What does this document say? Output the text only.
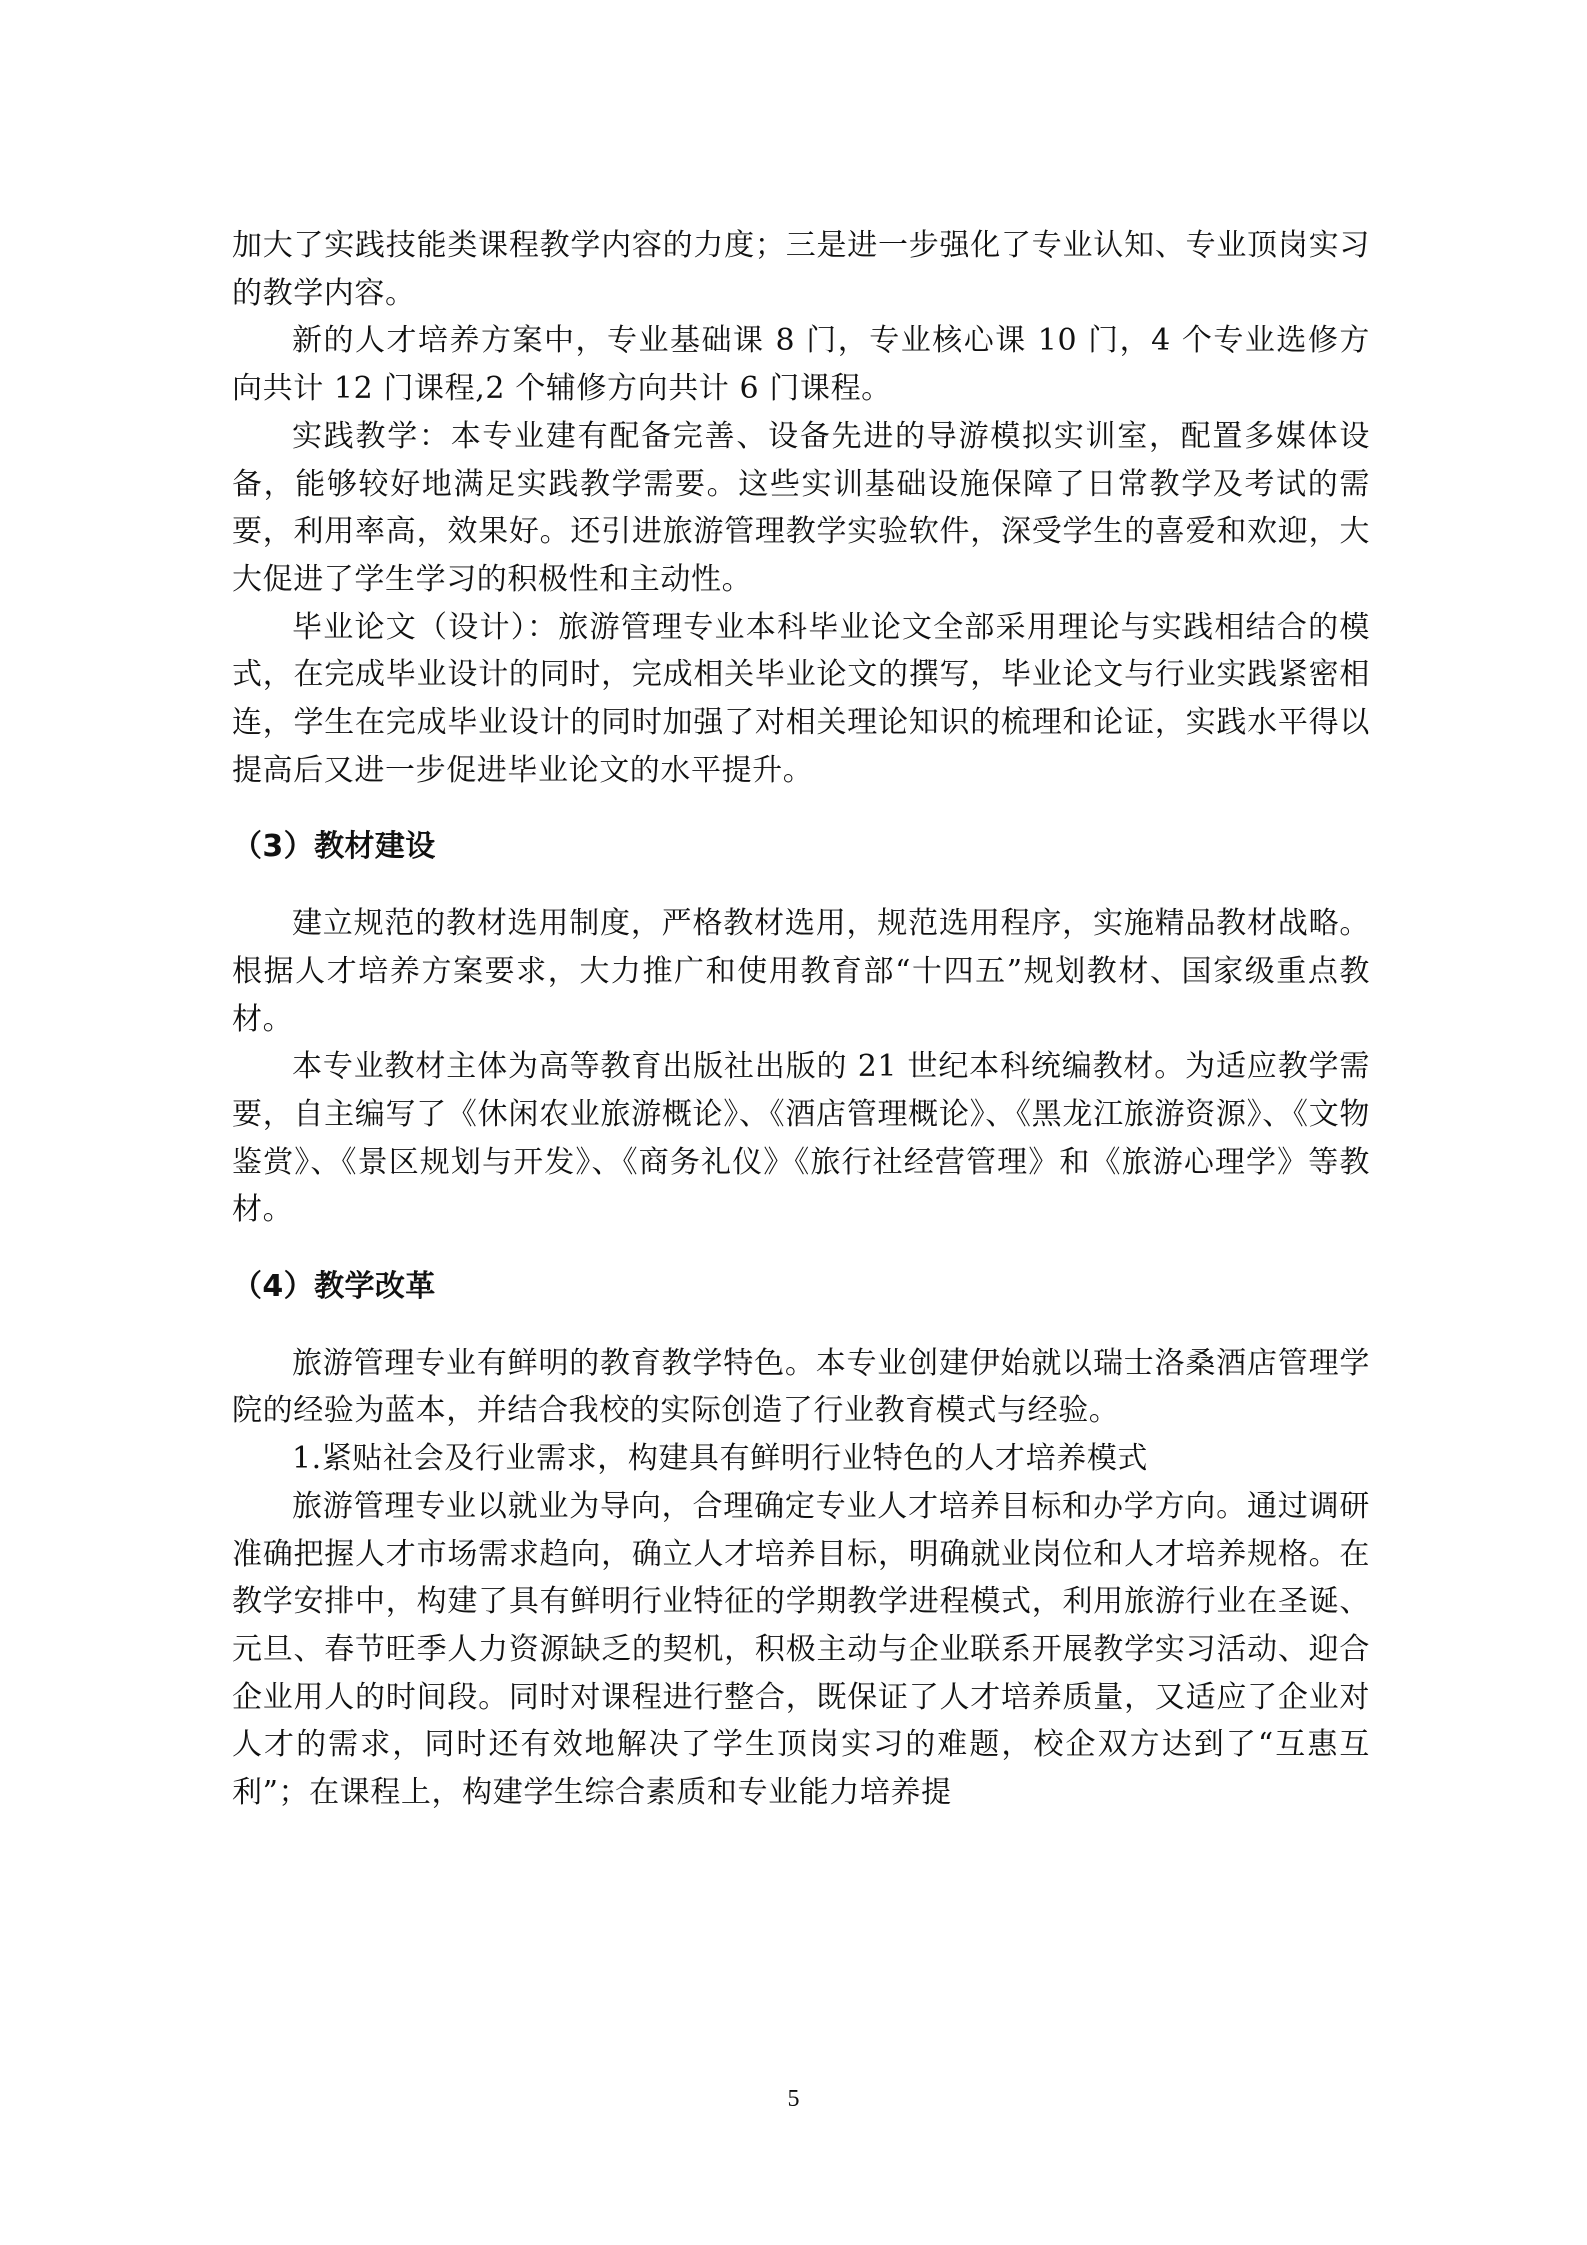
加大了实践技能类课程教学内容的力度；三是进一步强化了专业认知、专业顶岗实习的教学内容。

新的人才培养方案中，专业基础课 8 门，专业核心课 10 门，4 个专业选修方向共计 12 门课程,2 个辅修方向共计 6 门课程。

实践教学：本专业建有配备完善、设备先进的导游模拟实训室，配置多媒体设备，能够较好地满足实践教学需要。这些实训基础设施保障了日常教学及考试的需要，利用率高，效果好。还引进旅游管理教学实验软件，深受学生的喜爱和欢迎，大大促进了学生学习的积极性和主动性。

毕业论文（设计）：旅游管理专业本科毕业论文全部采用理论与实践相结合的模式，在完成毕业设计的同时，完成相关毕业论文的撰写，毕业论文与行业实践紧密相连，学生在完成毕业设计的同时加强了对相关理论知识的梳理和论证，实践水平得以提高后又进一步促进毕业论文的水平提升。

（3）教材建设

建立规范的教材选用制度，严格教材选用，规范选用程序，实施精品教材战略。根据人才培养方案要求，大力推广和使用教育部“十四五”规划教材、国家级重点教材。

本专业教材主体为高等教育出版社出版的 21 世纪本科统编教材。为适应教学需要，自主编写了《休闲农业旅游概论》、《酒店管理概论》、《黑龙江旅游资源》、《文物鉴赏》、《景区规划与开发》、《商务礼仪》《旅行社经营管理》和《旅游心理学》等教材。

（4）教学改革

旅游管理专业有鲜明的教育教学特色。本专业创建伊始就以瑞士洛桑酒店管理学院的经验为蓝本，并结合我校的实际创造了行业教育模式与经验。

1.紧贴社会及行业需求，构建具有鲜明行业特色的人才培养模式

旅游管理专业以就业为导向，合理确定专业人才培养目标和办学方向。通过调研准确把握人才市场需求趋向，确立人才培养目标，明确就业岗位和人才培养规格。在教学安排中，构建了具有鲜明行业特征的学期教学进程模式，利用旅游行业在圣诞、元旦、春节旺季人力资源缺乏的契机，积极主动与企业联系开展教学实习活动、迎合企业用人的时间段。同时对课程进行整合，既保证了人才培养质量，又适应了企业对人才的需求，同时还有效地解决了学生顶岗实习的难题，校企双方达到了“互惠互利”；在课程上，构建学生综合素质和专业能力培养提

5
